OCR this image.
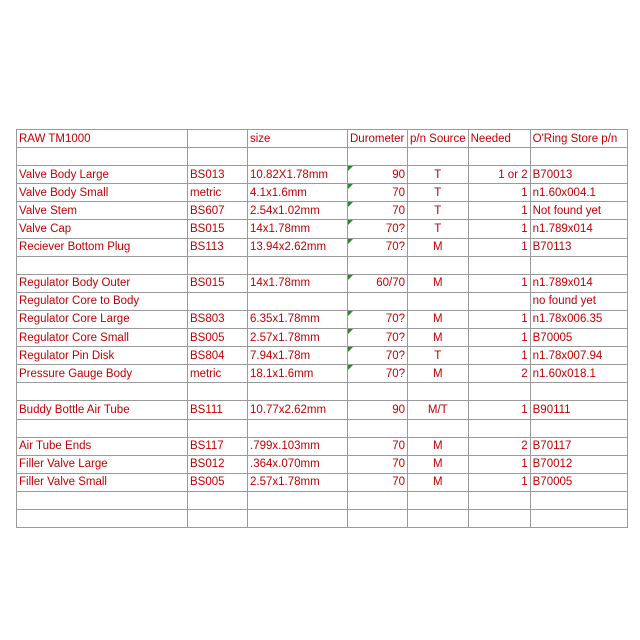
RAW TM1000		size	Durometer	p/n Source	Needed	O'Ring Store p/n

Valve Body Large	BS013	10.82X1.78mm	90	T	1 or 2	B70013
Valve Body Small	metric	4.1x1.6mm	70	T	1	n1.60x004.1
Valve Stem	BS607	2.54x1.02mm	70	T	1	Not found yet
Valve Cap	BS015	14x1.78mm	70?	T	1	n1.789x014
Reciever Bottom Plug	BS113	13.94x2.62mm	70?	M	1	B70113

Regulator Body Outer	BS015	14x1.78mm	60/70	M	1	n1.789x014
Regulator Core to Body						no found yet
Regulator Core Large	BS803	6.35x1.78mm	70?	M	1	n1.78x006.35
Regulator Core Small	BS005	2.57x1.78mm	70?	M	1	B70005
Regulator Pin Disk	BS804	7.94x1.78m	70?	T	1	n1.78x007.94
Pressure Gauge Body	metric	18.1x1.6mm	70?	M	2	n1.60x018.1

Buddy Bottle Air Tube	BS111	10.77x2.62mm	90	M/T	1	B90111

Air Tube Ends	BS117	.799x.103mm	70	M	2	B70117
Filler Valve Large	BS012	.364x.070mm	70	M	1	B70012
Filler Valve Small	BS005	2.57x1.78mm	70	M	1	B70005
